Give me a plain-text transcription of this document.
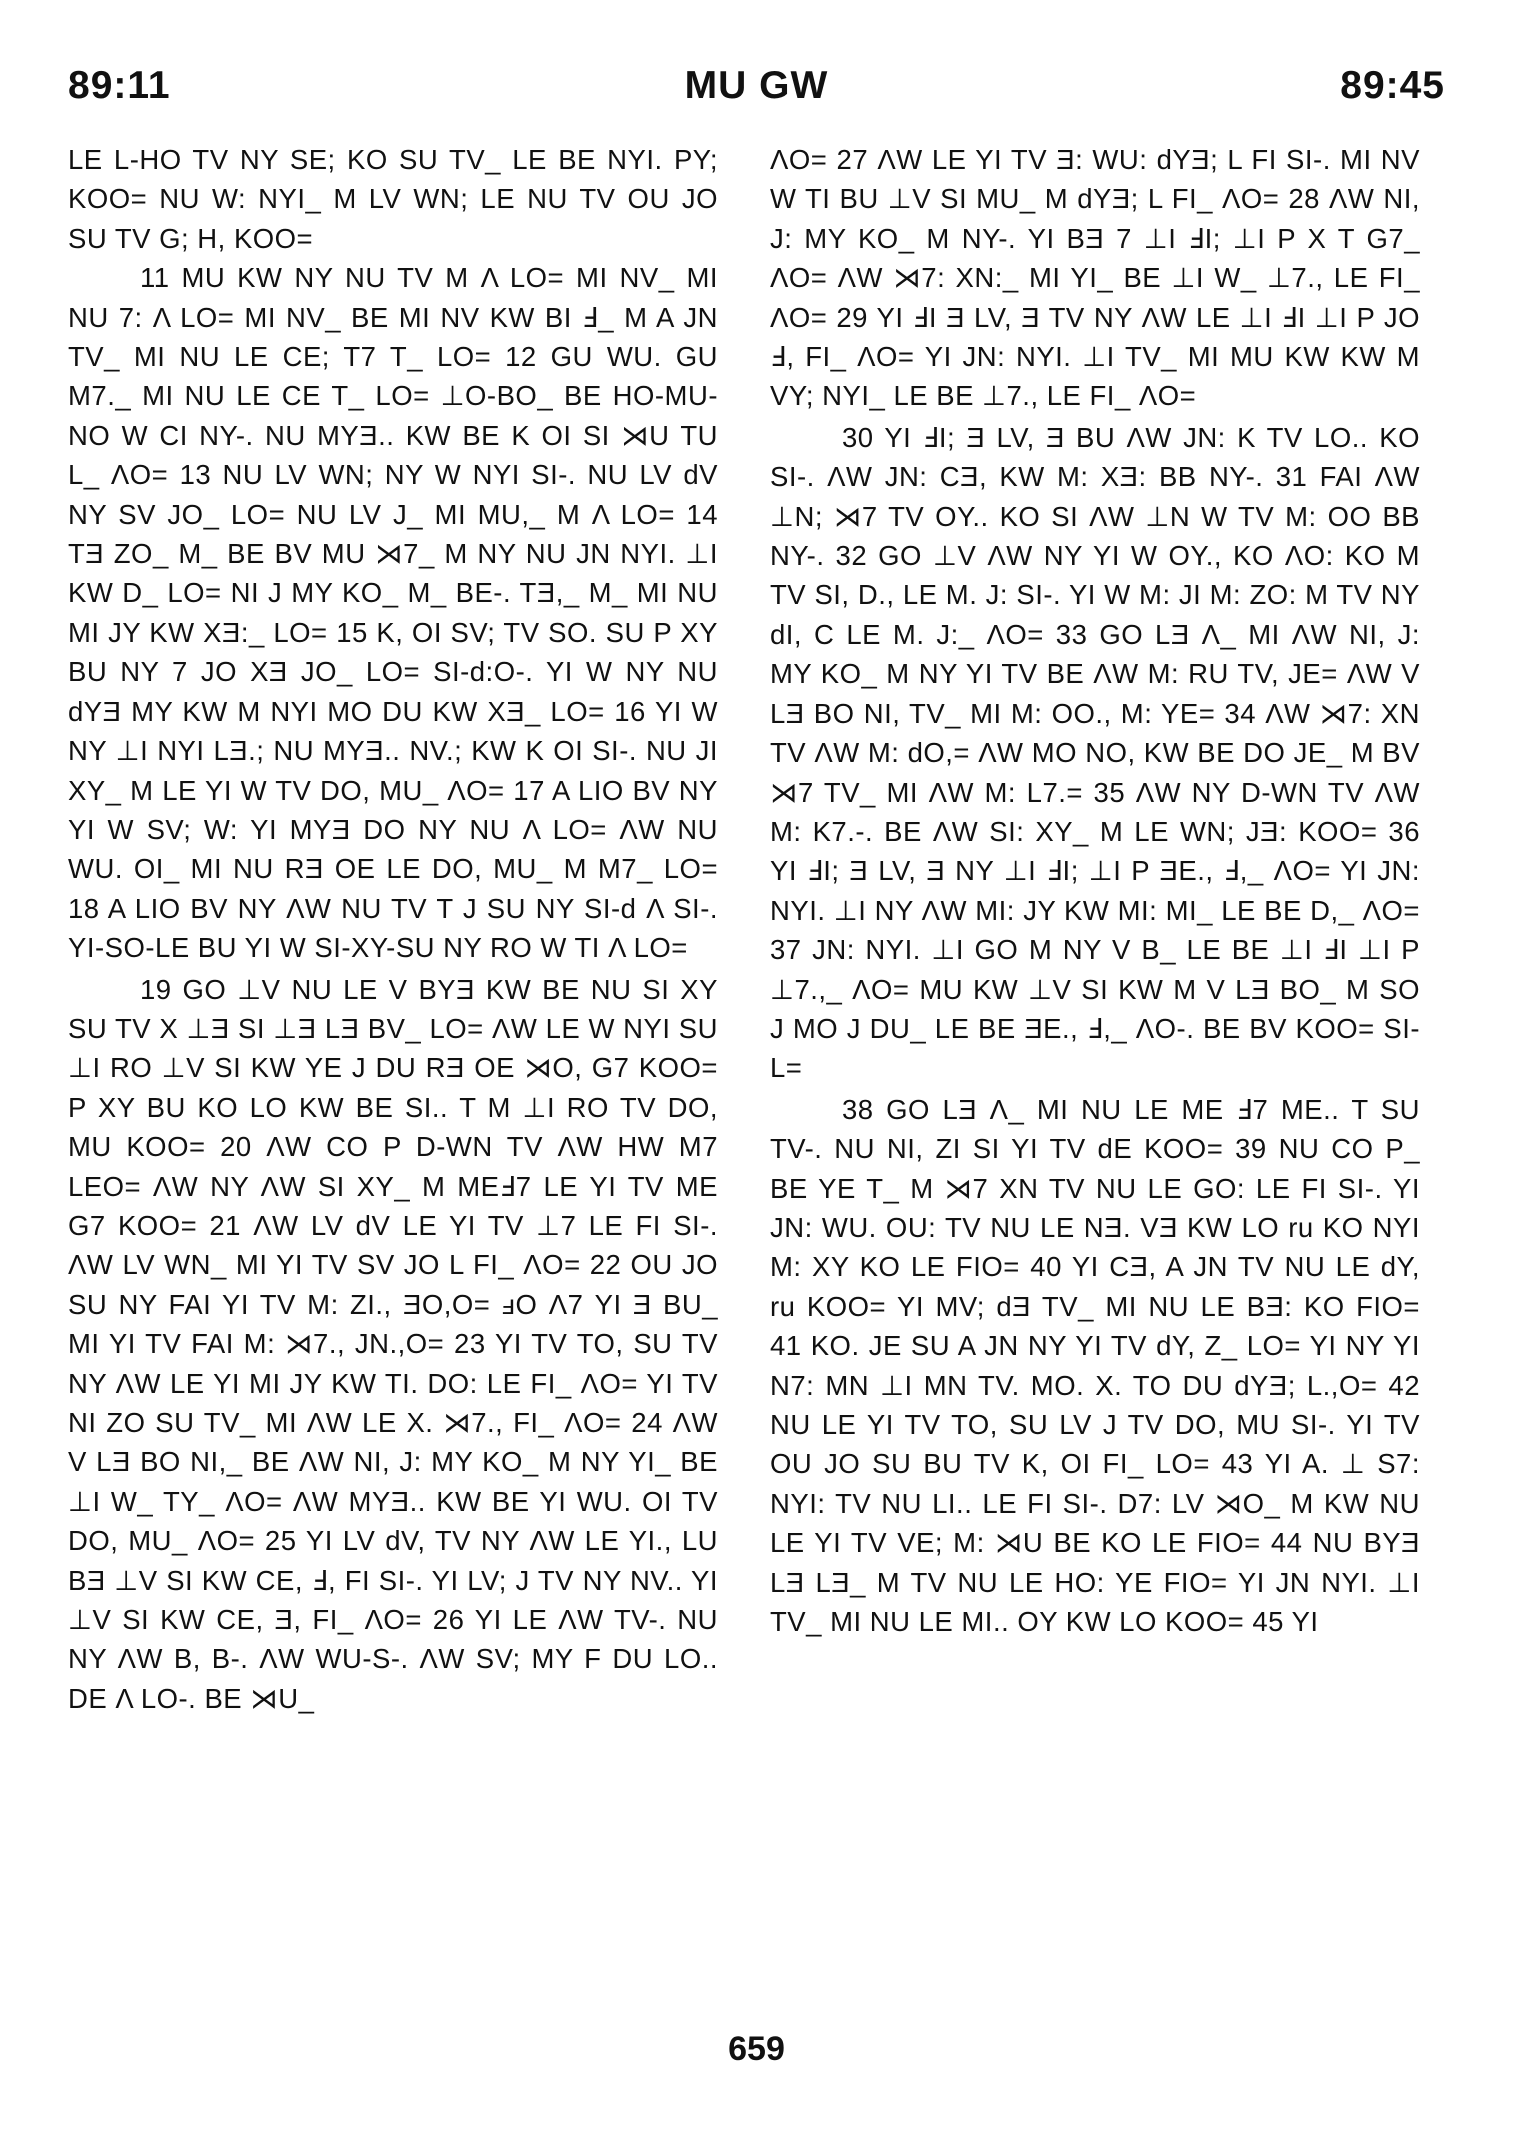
MU GW
89:11	89:45

LE L-HO TV NY SE; KO SU TV_ LE BE NYI. PY; KOO= NU W: NYI_ M LV WN; LE NU TV OU JO SU TV G; H, KOO=

11 MU KW NY NU TV M Λ LO= MI NV_ MI NU 7: Λ LO= MI NV_ BE MI NV KW BI Ⅎ_ M A JN TV_ MI NU LE CE; T7 T_ LO= 12 GU WU. GU M7._ MI NU LE CE T_ LO= ⊥O-BO_ BE HO-MU-NO W CI NY-. NU MYƎ.. KW BE K OI SI ⋊U TU L_ ΛO= 13 NU LV WN; NY W NYI SI-. NU LV dV NY SV JO_ LO= NU LV J_ MI MU,_ M Λ LO= 14 TƎ ZO_ M_ BE BV MU ⋊7_ M NY NU JN NYI. ⊥I KW D_ LO= NI J MY KO_ M_ BE-. TƎ,_ M_ MI NU MI JY KW XƎ:_ LO= 15 K, OI SV; TV SO. SU P XY BU NY 7 JO XƎ JO_ LO= SI-d:O-. YI W NY NU dYƎ MY KW M NYI MO DU KW XƎ_ LO= 16 YI W NY ⊥I NYI LƎ.; NU MYƎ.. NV.; KW K OI SI-. NU JI XY_ M LE YI W TV DO, MU_ ΛO= 17 A LIO BV NY YI W SV; W: YI MYƎ DO NY NU Λ LO= ΛW NU WU. OI_ MI NU RƎ OE LE DO, MU_ M M7_ LO= 18 A LIO BV NY ΛW NU TV T J SU NY SI-d Λ SI-. YI-SO-LE BU YI W SI-XY-SU NY RO W TI Λ LO=

19 GO ⊥V NU LE V BYƎ KW BE NU SI XY SU TV X ⊥Ǝ SI ⊥Ǝ LƎ BV_ LO= ΛW LE W NYI SU ⊥I RO ⊥V SI KW YE J DU RƎ OE ⋊O, G7 KOO= P XY BU KO LO KW BE SI.. T M ⊥I RO TV DO, MU KOO= 20 ΛW CO P D-WN TV ΛW HW M7 LEO= ΛW NY ΛW SI XY_ M MEℲ7 LE YI TV ME G7 KOO= 21 ΛW LV dV LE YI TV ⊥7 LE FI SI-. ΛW LV WN_ MI YI TV SV JO L FI_ ΛO= 22 OU JO SU NY FAI YI TV M: ZI., ƎO,O= ⅎO Λ7 YI Ǝ BU_ MI YI TV FAI M: ⋊7., JN.,O= 23 YI TV TO, SU TV NY ΛW LE YI MI JY KW TI. DO: LE FI_ ΛO= YI TV NI ZO SU TV_ MI ΛW LE X. ⋊7., FI_ ΛO= 24 ΛW V LƎ BO NI,_ BE ΛW NI, J: MY KO_ M NY YI_ BE ⊥I W_ TY_ ΛO= ΛW MYƎ.. KW BE YI WU. OI TV DO, MU_ ΛO= 25 YI LV dV, TV NY ΛW LE YI., LU BƎ ⊥V SI KW CE, Ⅎ, FI SI-. YI LV; J TV NY NV.. YI ⊥V SI KW CE, Ǝ, FI_ ΛO= 26 YI LE ΛW TV-. NU NY ΛW B, B-. ΛW WU-S-. ΛW SV; MY F DU LO.. DE Λ LO-. BE ⋊U_

ΛO= 27 ΛW LE YI TV Ǝ: WU: dYƎ; L FI SI-. MI NV W TI BU ⊥V SI MU_ M dYƎ; L FI_ ΛO= 28 ΛW NI, J: MY KO_ M NY-. YI BƎ 7 ⊥I ℲI; ⊥I P X T G7_ ΛO= ΛW ⋊7: XN:_ MI YI_ BE ⊥I W_ ⊥7., LE FI_ ΛO= 29 YI ℲI Ǝ LV, Ǝ TV NY ΛW LE ⊥I ℲI ⊥I P JO Ⅎ, FI_ ΛO= YI JN: NYI. ⊥I TV_ MI MU KW KW M VY; NYI_ LE BE ⊥7., LE FI_ ΛO=

30 YI ℲI; Ǝ LV, Ǝ BU ΛW JN: K TV LO.. KO SI-. ΛW JN: CƎ, KW M: XƎ: BB NY-. 31 FAI ΛW ⊥N; ⋊7 TV OY.. KO SI ΛW ⊥N W TV M: OO BB NY-. 32 GO ⊥V ΛW NY YI W OY., KO ΛO: KO M TV SI, D., LE M. J: SI-. YI W M: JI M: ZO: M TV NY dI, C LE M. J:_ ΛO= 33 GO LƎ Λ_ MI ΛW NI, J: MY KO_ M NY YI TV BE ΛW M: RU TV, JE= ΛW V LƎ BO NI, TV_ MI M: OO., M: YE= 34 ΛW ⋊7: XN TV ΛW M: dO,= ΛW MO NO, KW BE DO JE_ M BV ⋊7 TV_ MI ΛW M: L7.= 35 ΛW NY D-WN TV ΛW M: K7.-. BE ΛW SI: XY_ M LE WN; JƎ: KOO= 36 YI ℲI; Ǝ LV, Ǝ NY ⊥I ℲI; ⊥I P ƎE., Ⅎ,_ ΛO= YI JN: NYI. ⊥I NY ΛW MI: JY KW MI: MI_ LE BE D,_ ΛO= 37 JN: NYI. ⊥I GO M NY V B_ LE BE ⊥I ℲI ⊥I P ⊥7.,_ ΛO= MU KW ⊥V SI KW M V LƎ BO_ M SO J MO J DU_ LE BE ƎE., Ⅎ,_ ΛO-. BE BV KOO= SI-L=

38 GO LƎ Λ_ MI NU LE ME Ⅎ7 ME.. T SU TV-. NU NI, ZI SI YI TV dE KOO= 39 NU CO P_ BE YE T_ M ⋊7 XN TV NU LE GO: LE FI SI-. YI JN: WU. OU: TV NU LE NƎ. VƎ KW LO ru KO NYI M: XY KO LE FIO= 40 YI CƎ, A JN TV NU LE dY, ru KOO= YI MV; dƎ TV_ MI NU LE BƎ: KO FIO= 41 KO. JE SU A JN NY YI TV dY, Z_ LO= YI NY YI N7: MN ⊥I MN TV. MO. X. TO DU dYƎ; L.,O= 42 NU LE YI TV TO, SU LV J TV DO, MU SI-. YI TV OU JO SU BU TV K, OI FI_ LO= 43 YI A. ⊥ S7: NYI: TV NU LI.. LE FI SI-. D7: LV ⋊O_ M KW NU LE YI TV VE; M: ⋊U BE KO LE FIO= 44 NU BYƎ LƎ LƎ_ M TV NU LE HO: YE FIO= YI JN NYI. ⊥I TV_ MI NU LE MI.. OY KW LO KOO= 45 YI

659
